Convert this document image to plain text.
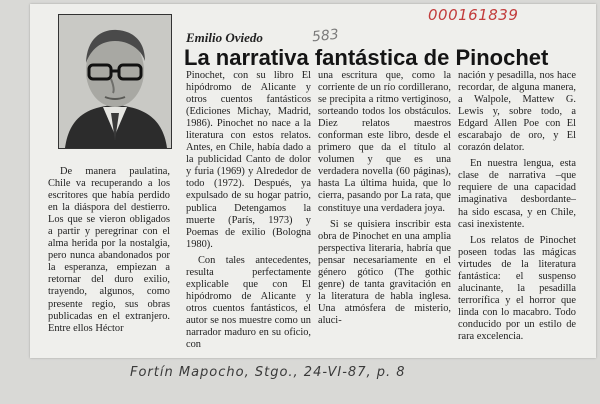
000161839
583
Emilio Oviedo
La narrativa fantástica de Pinochet

De manera paulatina, Chile va recuperando a los escritores que había perdido en la diáspora del destierro. Los que se vieron obligados a partir y peregrinar con el alma herida por la nostalgia, pero nunca abandonados por la esperanza, empiezan a retornar del duro exilio, trayendo, algunos, como presente regio, sus obras publicadas en el extranjero. Entre ellos Héctor

Pinochet, con su libro El hipódromo de Alicante y otros cuentos fantásticos (Ediciones Michay, Madrid, 1986). Pinochet no nace a la literatura con estos relatos. Antes, en Chile, había dado a la publicidad Canto de dolor y furia (1969) y Alrededor de todo (1972). Después, ya expulsado de su hogar patrio, publica Detengamos la muerte (París, 1973) y Poemas de exilio (Bologna 1980).

Con tales antecedentes, resulta perfectamente explicable que con El hipódromo de Alicante y otros cuentos fantásticos, el autor se nos muestre como un narrador maduro en su oficio, con

una escritura que, como la corriente de un río cordillerano, se precipita a ritmo vertiginoso, sorteando todos los obstáculos. Diez relatos maestros conforman este libro, desde el primero que da el título al volumen y que es una verdadera novella (60 páginas), hasta La última huida, que lo cierra, pasando por La rata, que constituye una verdadera joya.

Si se quisiera inscribir esta obra de Pinochet en una amplia perspectiva literaria, habría que pensar necesariamente en el género gótico (The gothic genre) de tanta gravitación en la literatura de habla inglesa. Una atmósfera de misterio, aluci-

nación y pesadilla, nos hace recordar, de alguna manera, a Walpole, Mattew G. Lewis y, sobre todo, a Edgard Allen Poe con El escarabajo de oro, y El corazón delator.

En nuestra lengua, esta clase de narrativa –que requiere de una capacidad imaginativa desbordante– ha sido escasa, y en Chile, casi inexistente.

Los relatos de Pinochet poseen todas las mágicas virtudes de la literatura fantástica: el suspenso alucinante, la pesadilla terrorífica y el horror que linda con lo macabro. Todo conducido por un estilo de rara excelencia.

Fortín Mapocho, Stgo., 24-VI-87, p. 8
